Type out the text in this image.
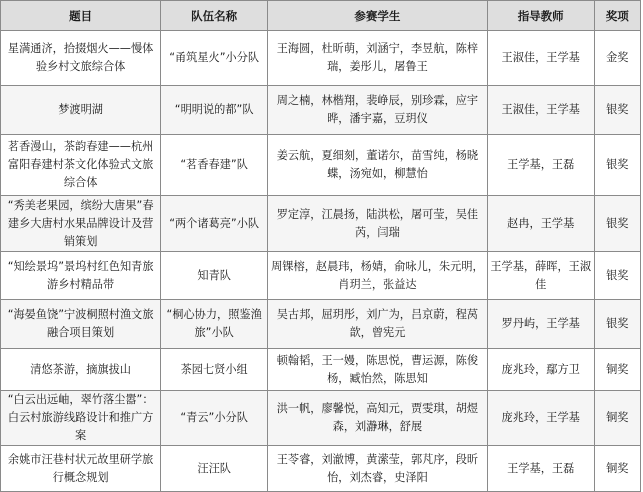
题目	队伍名称	参赛学生	指导教师	奖项
星满通济，拾掇烟火——慢体验乡村文旅综合体	“甬筑星火”小分队	王海圆，杜昕萌，刘涵宁，李昱航，陈梓瑞，姜彤儿，屠鲁王	王淑佳，王学基	金奖
梦渡明湖	“明明说的都”队	周之楠，林楷翔，裴峥辰，别珍霖，应宇晔，潘宇嘉，豆玥仪	王淑佳，王学基	银奖
茗香漫山，茶韵春建——杭州富阳春建村茶文化体验式文旅综合体	“茗香春建”队	姜云航，夏细刻，董诺尔，苗雪纯，杨晓蝶，汤宛如，柳慧怡	王学基，王磊	银奖
“秀美老果园，缤纷大唐果”春建乡大唐村水果品牌设计及营销策划	“两个诸葛亮”小队	罗定淳，江晨扬，陆洪松，屠可莹，吴佳芮，闫瑞	赵冉，王学基	银奖
“知绘景坞”景坞村红色知青旅游乡村精品带	知青队	周锞榕，赵晨玮，杨婧，俞咏儿，朱元明，肖玥兰，张益达	王学基，薛晖，王淑佳	银奖
“海晏鱼饶”宁波桐照村渔文旅融合项目策划	“桐心协力，照鉴渔旅”小队	吴古邦，屈玥彤，刘广为，吕京蔚，程莴歆，曾宪元	罗丹屿，王学基	银奖
清悠茶游，摘旗拔山	茶园七贤小组	顿翰韬，王一嫚，陈思悦，曹运源，陈俊杨，臧怡然，陈思知	庞兆玲，鄢方卫	铜奖
“白云出远岫，翠竹落尘嚣”：白云村旅游线路设计和推广方案	“青云”小分队	洪一帆，廖馨悦，高知元，贾雯琪，胡煜森，刘瀞琳，舒展	庞兆玲，王学基	铜奖
余姚市汪巷村状元故里研学旅行概念规划	汪汪队	王苓睿，刘澈博，黄潆莹，郭芃序，段昕怡，刘杰睿，史泽阳	王学基，王磊	铜奖
